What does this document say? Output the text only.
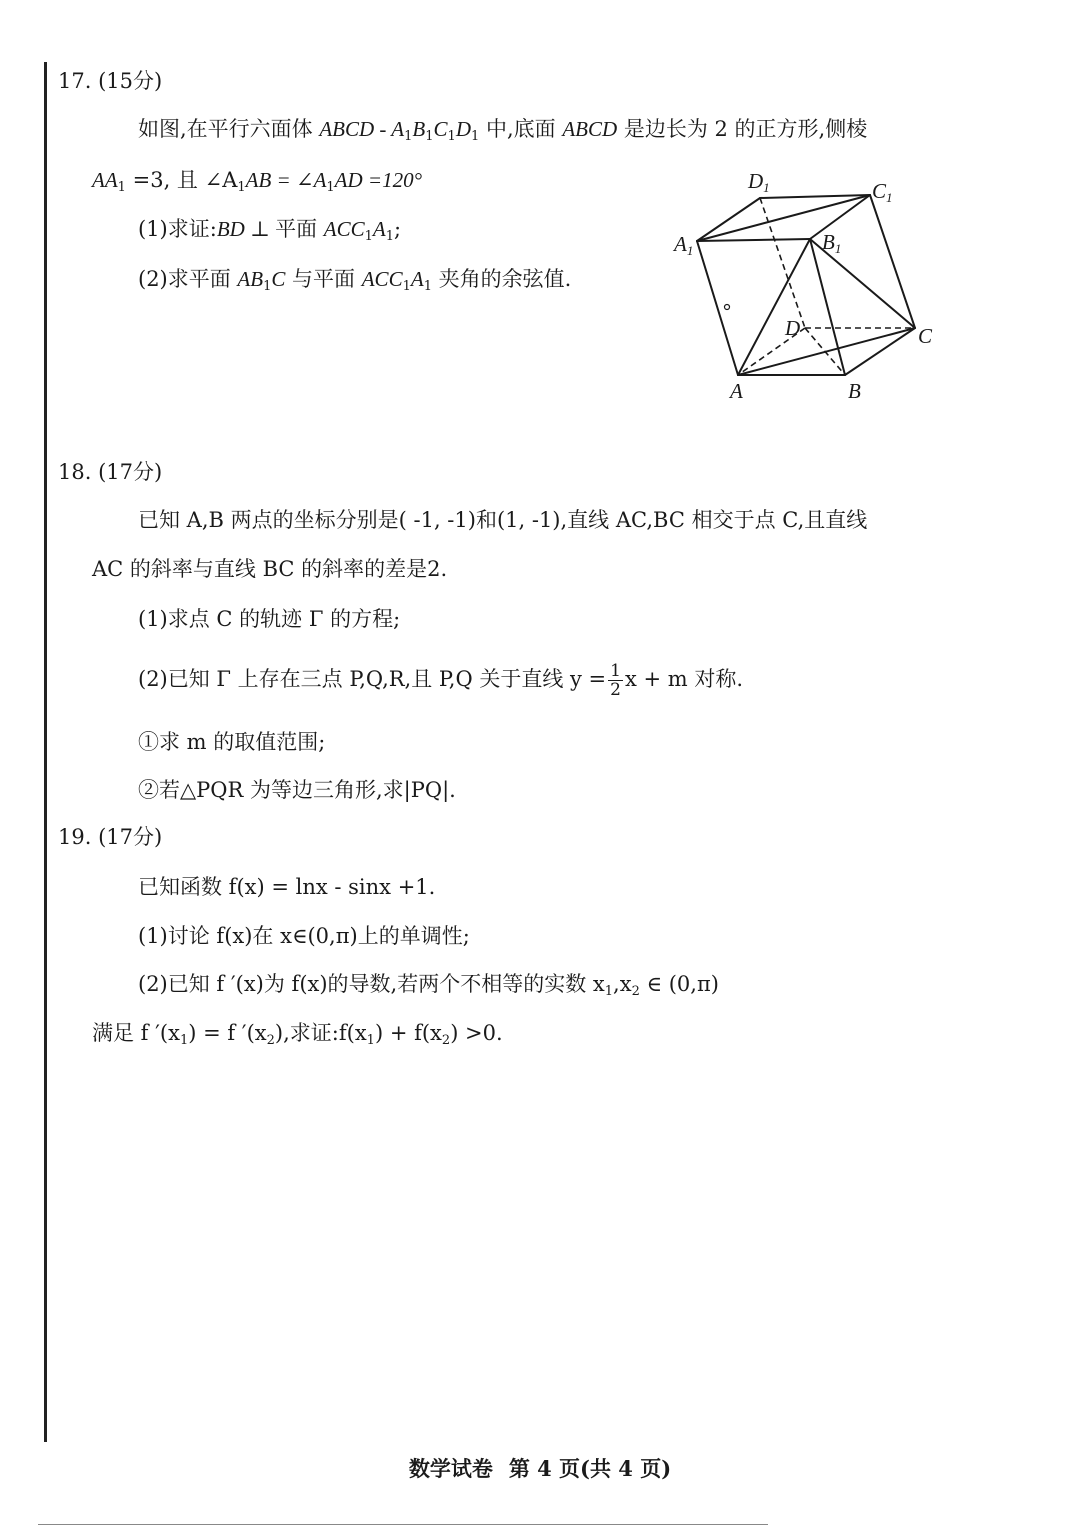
17. (15分)
如图,在平行六面体 ABCD - $A_1B_1C_1D_1$ 中,底面 ABCD 是边长为 2 的正方形,侧棱
$AA_1 =3$, 且 $\angle A_1AB$ = $\angle A_1AD =120^\circ$
(1)求证:BD ⊥ 平面 $ACC_1A_1$;
(2)求平面 $AB_1C$ 与平面 $ACC_1A_1$ 夹角的余弦值.
D1	C1
A1	B1
D	C
A	B
18. (17分)
已知 A,B 两点的坐标分别是( -1, -1)和(1, -1),直线 AC,BC 相交于点 C,且直线
AC 的斜率与直线 BC 的斜率的差是2.
(1)求点 C 的轨迹 Γ 的方程;
(2)已知 Γ 上存在三点 P,Q,R,且 P,Q 关于直线 $y = \frac{1}{2}$ x + m 对称.
①求 m 的取值范围;
②若△PQR 为等边三角形,求|PQ|.
19. (17分)
已知函数 f(x) = lnx - sinx +1.
(1)讨论 f(x)在 x∈(0,π)上的单调性;
(2)已知 f ′(x)为 f(x)的导数,若两个不相等的实数 $x_1,x_2$ ∈ (0,π)
满足 f $'(x_1) = f$ $'(x_2)$,求证$:f(x_1) + f(x_2) >0$.
数学试卷 第 4 页(共 4 页)
